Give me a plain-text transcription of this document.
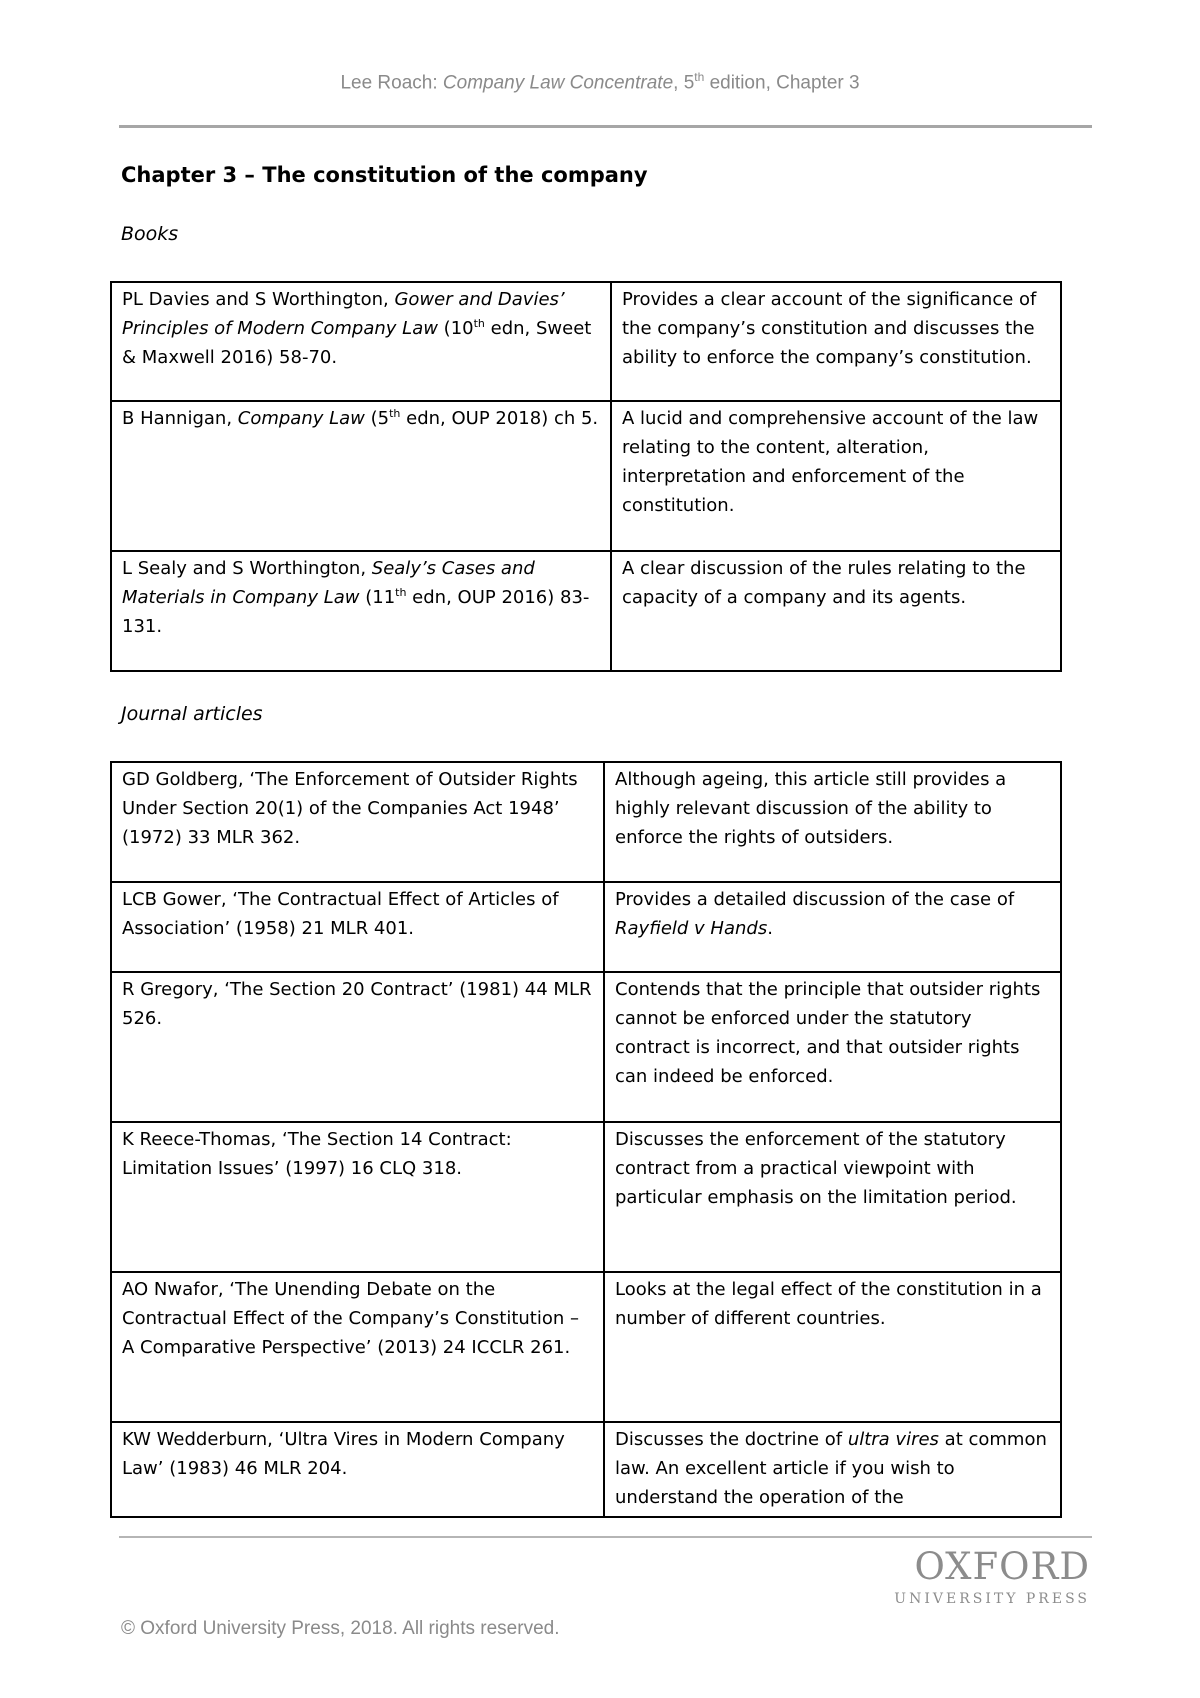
Lee Roach: Company Law Concentrate, 5th edition, Chapter 3
Chapter 3 – The constitution of the company

Books

PL Davies and S Worthington, Gower and Davies’ Principles of Modern Company Law (10th edn, Sweet & Maxwell 2016) 58-70.	Provides a clear account of the significance of the company’s constitution and discusses the ability to enforce the company’s constitution.
B Hannigan, Company Law (5th edn, OUP 2018) ch 5.	A lucid and comprehensive account of the law relating to the content, alteration, interpretation and enforcement of the constitution.
L Sealy and S Worthington, Sealy’s Cases and Materials in Company Law (11th edn, OUP 2016) 83-131.	A clear discussion of the rules relating to the capacity of a company and its agents.

Journal articles

GD Goldberg, ‘The Enforcement of Outsider Rights Under Section 20(1) of the Companies Act 1948’ (1972) 33 MLR 362.	Although ageing, this article still provides a highly relevant discussion of the ability to enforce the rights of outsiders.
LCB Gower, ‘The Contractual Effect of Articles of Association’ (1958) 21 MLR 401.	Provides a detailed discussion of the case of Rayfield v Hands.
R Gregory, ‘The Section 20 Contract’ (1981) 44 MLR 526.	Contends that the principle that outsider rights cannot be enforced under the statutory contract is incorrect, and that outsider rights can indeed be enforced.
K Reece-Thomas, ‘The Section 14 Contract: Limitation Issues’ (1997) 16 CLQ 318.	Discusses the enforcement of the statutory contract from a practical viewpoint with particular emphasis on the limitation period.
AO Nwafor, ‘The Unending Debate on the Contractual Effect of the Company’s Constitution – A Comparative Perspective’ (2013) 24 ICCLR 261.	Looks at the legal effect of the constitution in a number of different countries.
KW Wedderburn, ‘Ultra Vires in Modern Company Law’ (1983) 46 MLR 204.	Discusses the doctrine of ultra vires at common law. An excellent article if you wish to understand the operation of the
OXFORD
UNIVERSITY PRESS
© Oxford University Press, 2018. All rights reserved.
